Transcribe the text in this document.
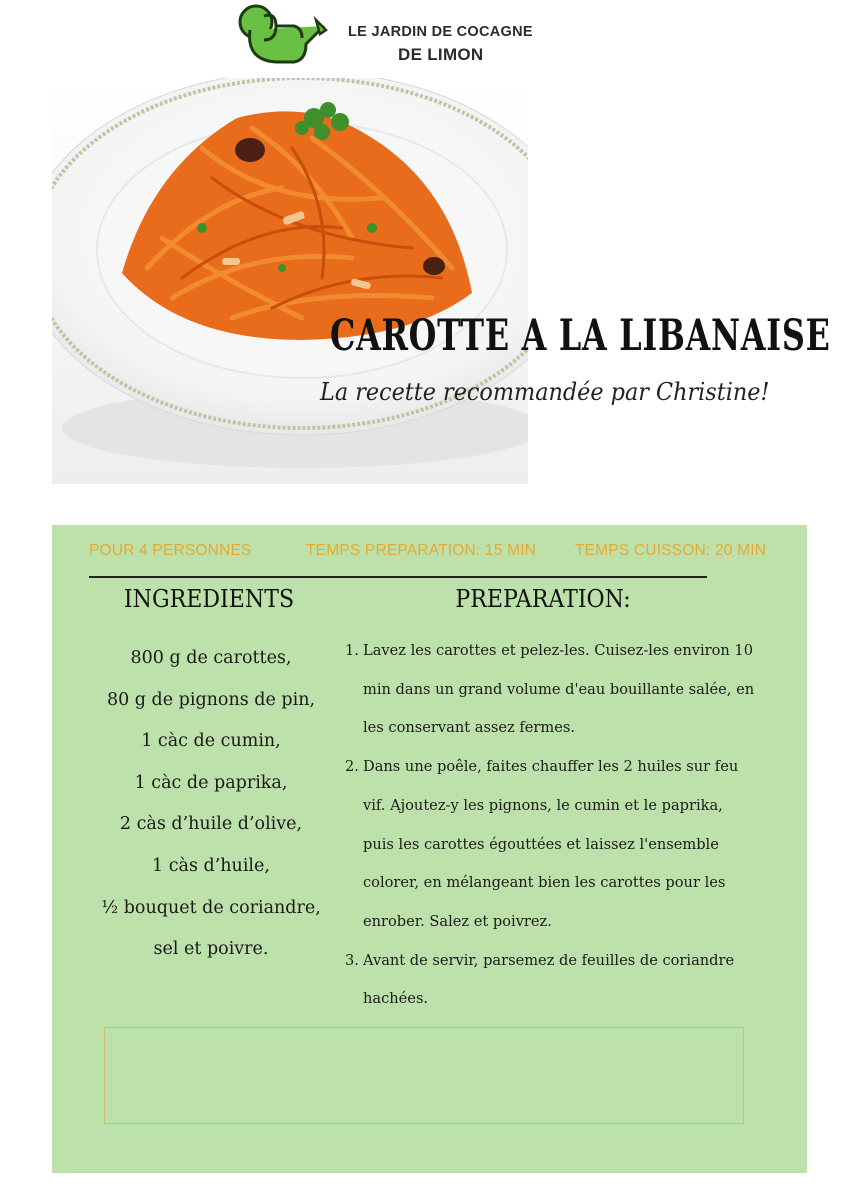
LE JARDIN DE COCAGNE
DE LIMON
CAROTTE A LA LIBANAISE
La recette recommandée par Christine!
POUR 4 PERSONNES	TEMPS PREPARATION: 15 MIN	TEMPS CUISSON: 20 MIN
INGREDIENTS	PREPARATION:
800 g de carottes,
80 g de pignons de pin,
1 càc de cumin,
1 càc de paprika,
2 càs d’huile d’olive,
1 càs d’huile,
½ bouquet de coriandre,
sel et poivre.
1. Lavez les carottes et pelez-les. Cuisez-les environ 10
min dans un grand volume d'eau bouillante salée, en
les conservant assez fermes.
2. Dans une poêle, faites chauffer les 2 huiles sur feu
vif. Ajoutez-y les pignons, le cumin et le paprika,
puis les carottes égouttées et laissez l'ensemble
colorer, en mélangeant bien les carottes pour les
enrober. Salez et poivrez.
3. Avant de servir, parsemez de feuilles de coriandre
hachées.
